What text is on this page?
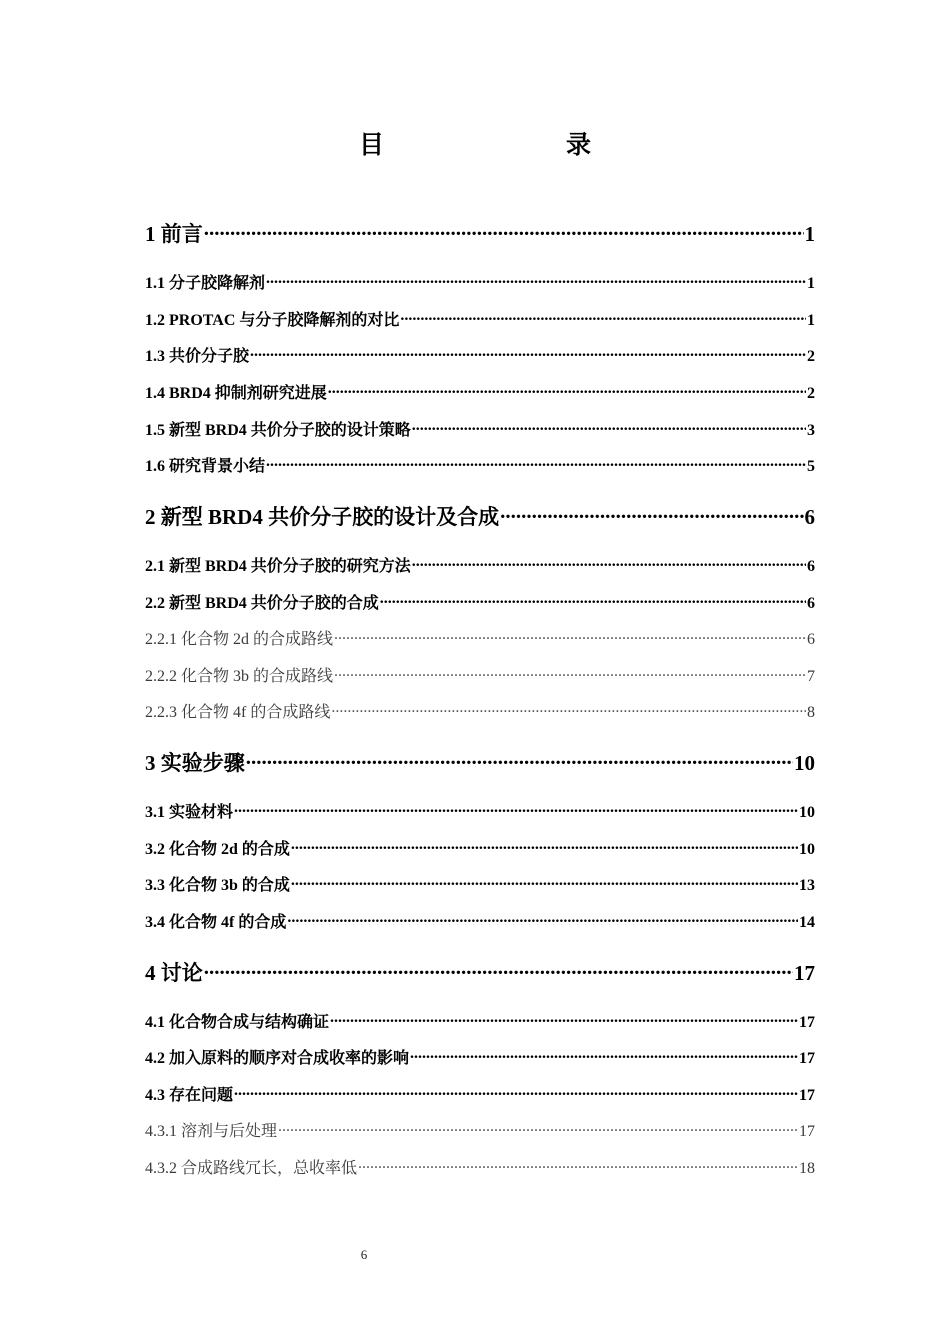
目　　录
1 前言 .....	1
1.1 分子胶降解剂 .....	1
1.2 PROTAC 与分子胶降解剂的对比 .....	1
1.3 共价分子胶 .....	2
1.4 BRD4 抑制剂研究进展 .....	2
1.5 新型 BRD4 共价分子胶的设计策略 .....	3
1.6 研究背景小结 .....	5
2 新型 BRD4 共价分子胶的设计及合成 .....	6
2.1 新型 BRD4 共价分子胶的研究方法 .....	6
2.2 新型 BRD4 共价分子胶的合成 .....	6
2.2.1 化合物 2d 的合成路线 .....	6
2.2.2 化合物 3b 的合成路线 .....	7
2.2.3 化合物 4f 的合成路线 .....	8
3 实验步骤 .....	10
3.1 实验材料 .....	10
3.2 化合物 2d 的合成 .....	10
3.3 化合物 3b 的合成 .....	13
3.4 化合物 4f 的合成 .....	14
4 讨论 .....	17
4.1 化合物合成与结构确证 .....	17
4.2 加入原料的顺序对合成收率的影响 .....	17
4.3 存在问题 .....	17
4.3.1 溶剂与后处理 .....	17
4.3.2 合成路线冗长，总收率低 .....	18
6
